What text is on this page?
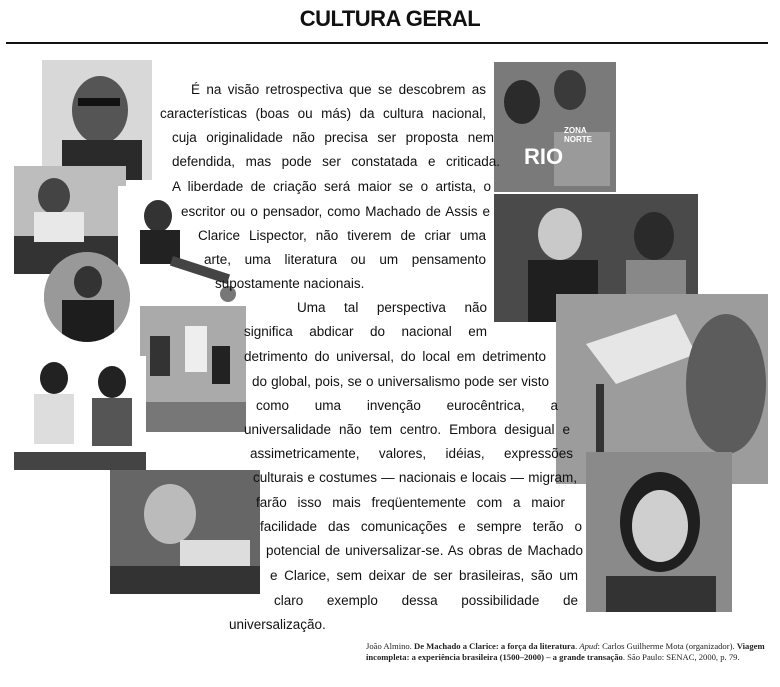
CULTURA GERAL
RIO
ZONA NORTE
É na visão retrospectiva que se descobrem as
características (boas ou más) da cultura nacional,
cuja originalidade não precisa ser proposta nem
defendida, mas pode ser constatada e criticada.
A liberdade de criação será maior se o artista, o
escritor ou o pensador, como Machado de Assis e
Clarice Lispector, não tiverem de criar uma
arte, uma literatura ou um pensamento
supostamente nacionais.
Uma tal perspectiva não
significa abdicar do nacional em
detrimento do universal, do local em detrimento
do global, pois, se o universalismo pode ser visto
como uma invenção eurocêntrica, a
universalidade não tem centro. Embora desigual e
assimetricamente, valores, idéias, expressões
culturais e costumes — nacionais e locais — migram,
farão isso mais freqüentemente com a maior
facilidade das comunicações e sempre terão o
potencial de universalizar-se. As obras de Machado
e Clarice, sem deixar de ser brasileiras, são um
claro exemplo dessa possibilidade de
universalização.
João Almino. De Machado a Clarice: a força da literatura. Apud: Carlos Guilherme Mota (organizador). Viagem incompleta: a experiência brasileira (1500–2000) – a grande transação. São Paulo: SENAC, 2000, p. 79.
